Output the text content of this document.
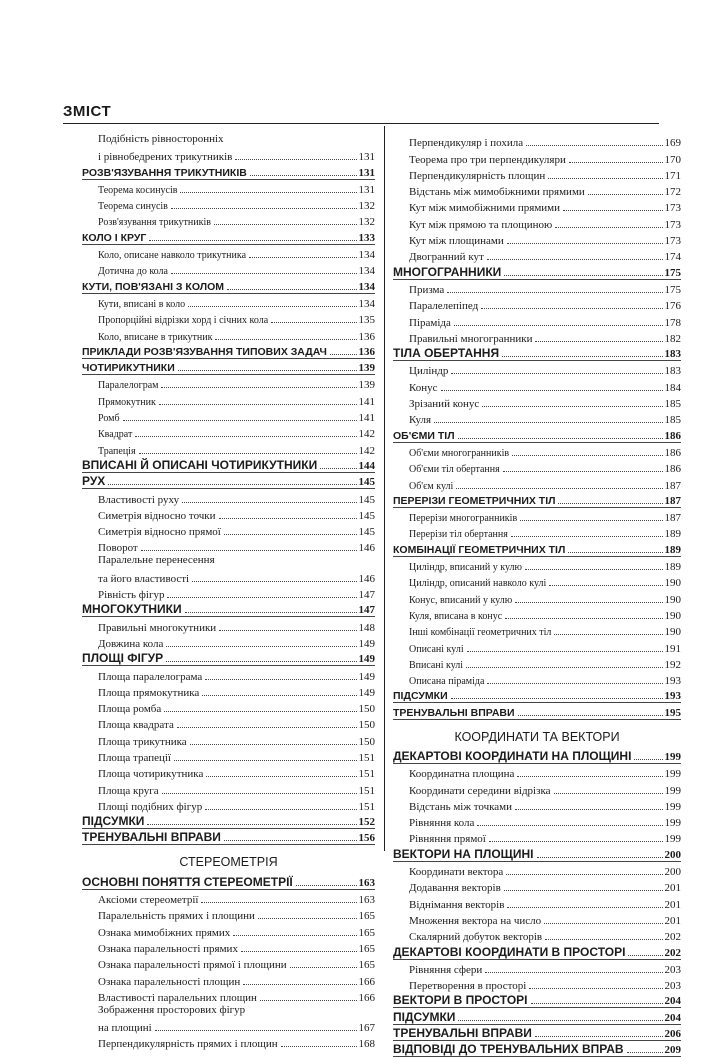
ЗМІСТ
Подібність рівносторонніх
і рівнобедрених трикутників	131
РОЗВ'ЯЗУВАННЯ ТРИКУТНИКІВ	131
Теорема косинусів	131
Теорема синусів	132
Розв'язування трикутників	132
КОЛО І КРУГ	133
Коло, описане навколо трикутника	134
Дотична до кола	134
КУТИ, ПОВ'ЯЗАНІ З КОЛОМ	134
Кути, вписані в коло	134
Пропорційні відрізки хорд і січних кола	135
Коло, вписане в трикутник	136
ПРИКЛАДИ РОЗВ'ЯЗУВАННЯ ТИПОВИХ ЗАДАЧ	136
ЧОТИРИКУТНИКИ	139
Паралелограм	139
Прямокутник	141
Ромб	141
Квадрат	142
Трапеція	142
ВПИСАНІ Й ОПИСАНІ ЧОТИРИКУТНИКИ	144
РУХ	145
Властивості руху	145
Симетрія відносно точки	145
Симетрія відносно прямої	145
Поворот	146
Паралельне перенесення
та його властивості	146
Рівність фігур	147
МНОГОКУТНИКИ	147
Правильні многокутники	148
Довжина кола	149
ПЛОЩІ ФІГУР	149
Площа паралелограма	149
Площа прямокутника	149
Площа ромба	150
Площа квадрата	150
Площа трикутника	150
Площа трапеції	151
Площа чотирикутника	151
Площа круга	151
Площі подібних фігур	151
ПІДСУМКИ	152
ТРЕНУВАЛЬНІ ВПРАВИ	156
СТЕРЕОМЕТРІЯ
ОСНОВНІ ПОНЯТТЯ СТЕРЕОМЕТРІЇ	163
Аксіоми стереометрії	163
Паралельність прямих і площини	165
Ознака мимобіжних прямих	165
Ознака паралельності прямих	165
Ознака паралельності прямої і площини	165
Ознака паралельності площин	166
Властивості паралельних площин	166
Зображення просторових фігур
на площині	167
Перпендикулярність прямих і площин	168
Перпендикуляр і похила	169
Теорема про три перпендикуляри	170
Перпендикулярність площин	171
Відстань між мимобіжними прямими	172
Кут між мимобіжними прямими	173
Кут між прямою та площиною	173
Кут між площинами	173
Двогранний кут	174
МНОГОГРАННИКИ	175
Призма	175
Паралелепіпед	176
Піраміда	178
Правильні многогранники	182
ТІЛА ОБЕРТАННЯ	183
Циліндр	183
Конус	184
Зрізаний конус	185
Куля	185
ОБ'ЄМИ ТІЛ	186
Об'єми многогранників	186
Об'єми тіл обертання	186
Об'єм кулі	187
ПЕРЕРІЗИ ГЕОМЕТРИЧНИХ ТІЛ	187
Перерізи многогранників	187
Перерізи тіл обертання	189
КОМБІНАЦІЇ ГЕОМЕТРИЧНИХ ТІЛ	189
Циліндр, вписаний у кулю	189
Циліндр, описаний навколо кулі	190
Конус, вписаний у кулю	190
Куля, вписана в конус	190
Інші комбінації геометричних тіл	190
Описані кулі	191
Вписані кулі	192
Описана піраміда	193
ПІДСУМКИ	193
ТРЕНУВАЛЬНІ ВПРАВИ	195
КООРДИНАТИ ТА ВЕКТОРИ
ДЕКАРТОВІ КООРДИНАТИ НА ПЛОЩИНІ	199
Координатна площина	199
Координати середини відрізка	199
Відстань між точками	199
Рівняння кола	199
Рівняння прямої	199
ВЕКТОРИ НА ПЛОЩИНІ	200
Координати вектора	200
Додавання векторів	201
Віднімання векторів	201
Множення вектора на число	201
Скалярний добуток векторів	202
ДЕКАРТОВІ КООРДИНАТИ В ПРОСТОРІ	202
Рівняння сфери	203
Перетворення в просторі	203
ВЕКТОРИ В ПРОСТОРІ	204
ПІДСУМКИ	204
ТРЕНУВАЛЬНІ ВПРАВИ	206
ВІДПОВІДІ ДО ТРЕНУВАЛЬНИХ ВПРАВ	209
